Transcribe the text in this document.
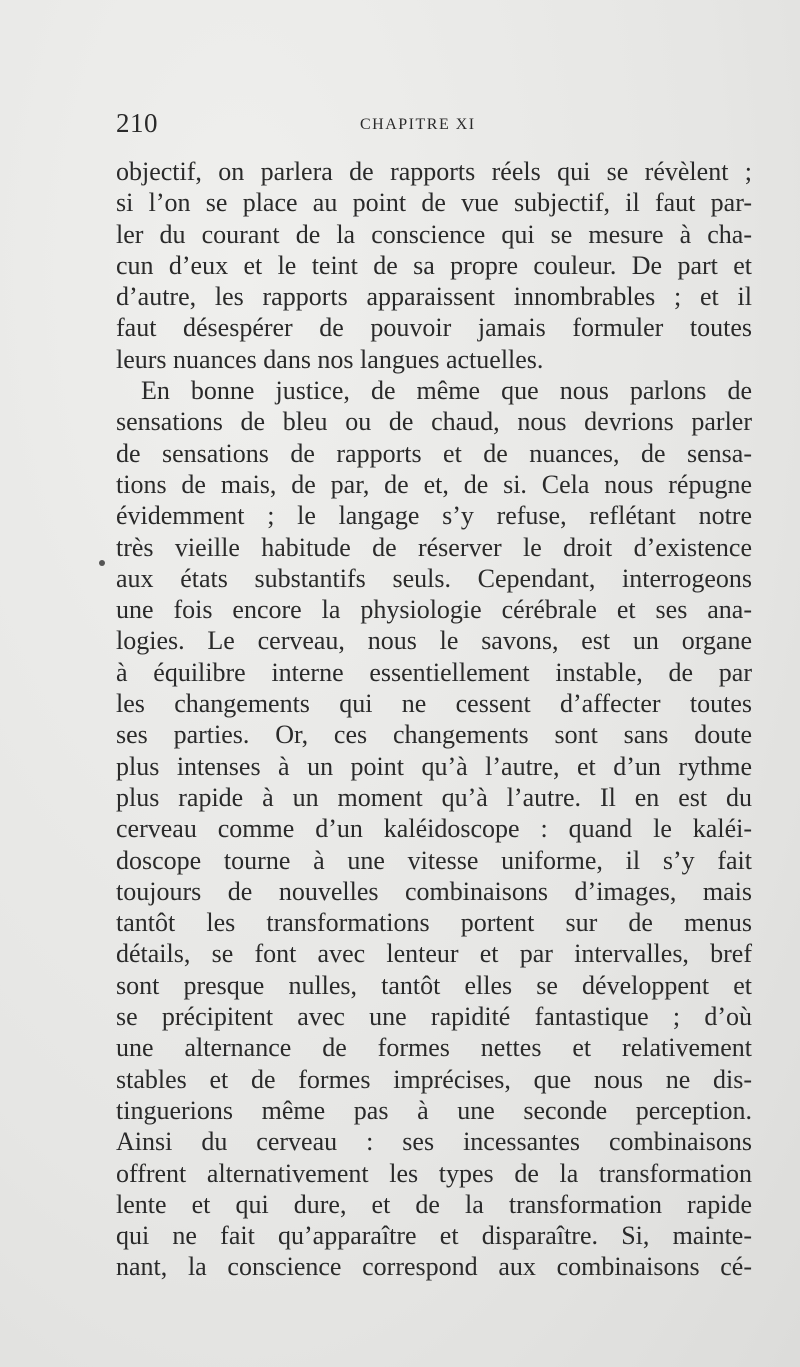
210	CHAPITRE XI
objectif, on parlera de rapports réels qui se révèlent ;
si l’on se place au point de vue subjectif, il faut par-
ler du courant de la conscience qui se mesure à cha-
cun d’eux et le teint de sa propre couleur. De part et
d’autre, les rapports apparaissent innombrables ; et il
faut désespérer de pouvoir jamais formuler toutes
leurs nuances dans nos langues actuelles.
En bonne justice, de même que nous parlons de
sensations de bleu ou de chaud, nous devrions parler
de sensations de rapports et de nuances, de sensa-
tions de mais, de par, de et, de si. Cela nous répugne
évidemment ; le langage s’y refuse, reflétant notre
très vieille habitude de réserver le droit d’existence
aux états substantifs seuls. Cependant, interrogeons
une fois encore la physiologie cérébrale et ses ana-
logies. Le cerveau, nous le savons, est un organe
à équilibre interne essentiellement instable, de par
les changements qui ne cessent d’affecter toutes
ses parties. Or, ces changements sont sans doute
plus intenses à un point qu’à l’autre, et d’un rythme
plus rapide à un moment qu’à l’autre. Il en est du
cerveau comme d’un kaléidoscope : quand le kaléi-
doscope tourne à une vitesse uniforme, il s’y fait
toujours de nouvelles combinaisons d’images, mais
tantôt les transformations portent sur de menus
détails, se font avec lenteur et par intervalles, bref
sont presque nulles, tantôt elles se développent et
se précipitent avec une rapidité fantastique ; d’où
une alternance de formes nettes et relativement
stables et de formes imprécises, que nous ne dis-
tinguerions même pas à une seconde perception.
Ainsi du cerveau : ses incessantes combinaisons
offrent alternativement les types de la transformation
lente et qui dure, et de la transformation rapide
qui ne fait qu’apparaître et disparaître. Si, mainte-
nant, la conscience correspond aux combinaisons cé-
